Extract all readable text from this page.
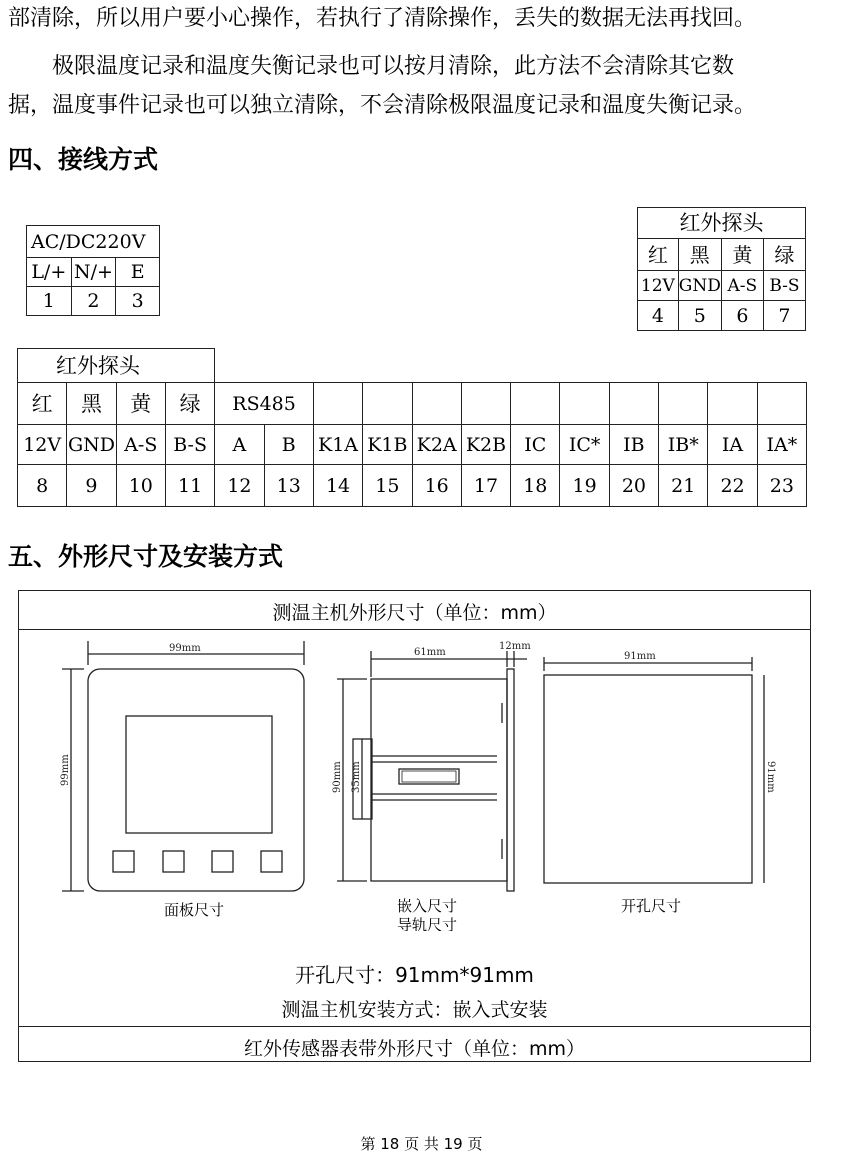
部清除，所以用户要小心操作，若执行了清除操作，丢失的数据无法再找回。
极限温度记录和温度失衡记录也可以按月清除，此方法不会清除其它数
据，温度事件记录也可以独立清除，不会清除极限温度记录和温度失衡记录。
四、接线方式
AC/DC220V		
L/+	N/+	E
1	2	3
红外探头			
红	黑	黄	绿
12V	GND	A-S	B-S
4	5	6	7
红外探头
红	黑	黄	绿	RS485											
12V	GND	A-S	B-S	A	B	K1A	K1B	K2A	K2B	IC	IC*	IB	IB*	IA	IA*
8	9	10	11	12	13	14	15	16	17	18	19	20	21	22	23
五、外形尺寸及安装方式
测温主机外形尺寸（单位：mm）
99mm	61mm
12mm
91mm
99mm	90mm 35mm	91mm
面板尺寸	嵌入尺寸
导轨尺寸
开孔尺寸
开孔尺寸：91mm*91mm
测温主机安装方式：嵌入式安装
红外传感器表带外形尺寸（单位：mm）
第 18 页 共 19 页
